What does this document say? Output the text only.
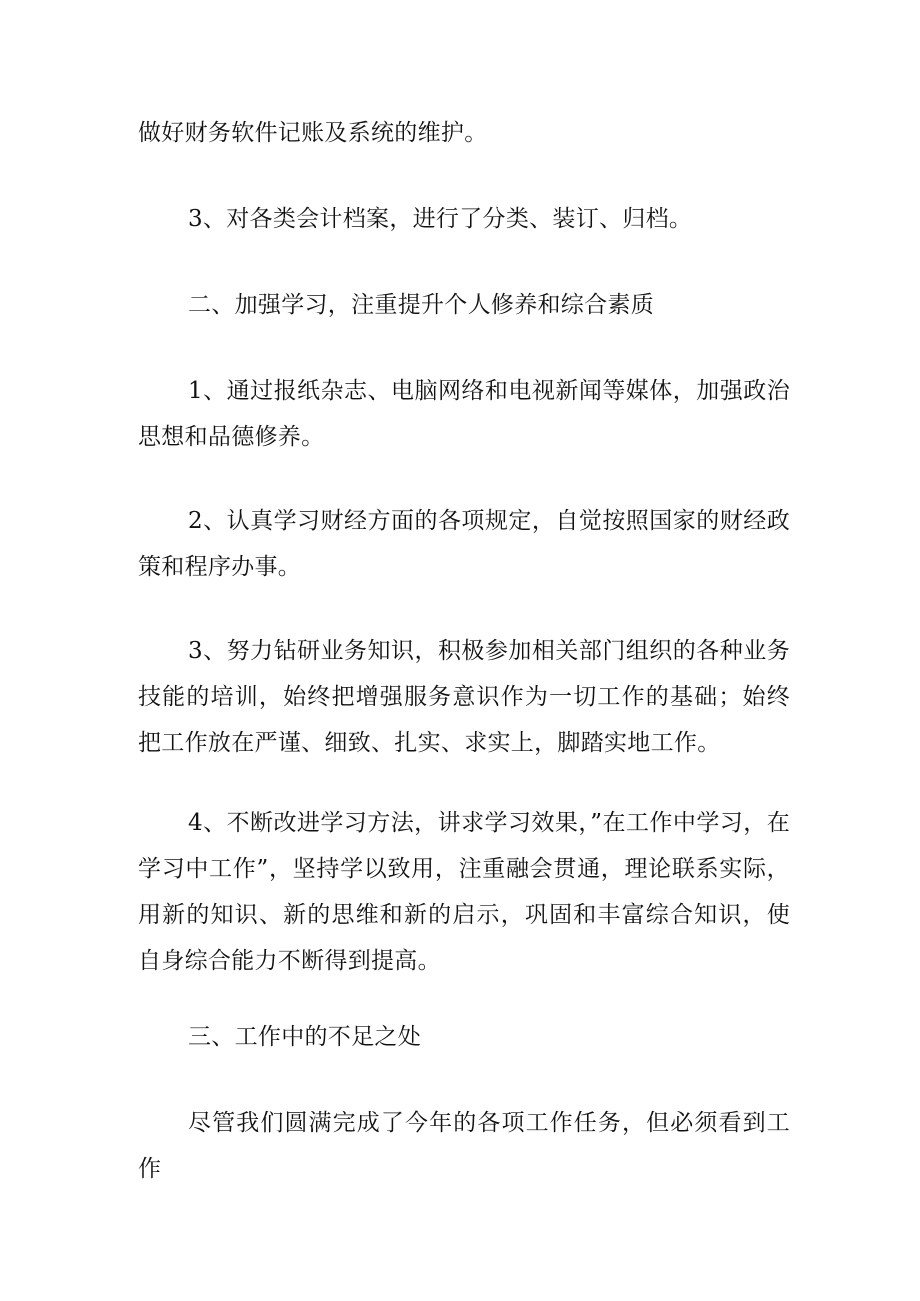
做好财务软件记账及系统的维护。

3、对各类会计档案，进行了分类、装订、归档。

二、加强学习，注重提升个人修养和综合素质

1、通过报纸杂志、电脑网络和电视新闻等媒体，加强政治思想和品德修养。

2、认真学习财经方面的各项规定，自觉按照国家的财经政策和程序办事。

3、努力钻研业务知识，积极参加相关部门组织的各种业务技能的培训，始终把增强服务意识作为一切工作的基础；始终把工作放在严谨、细致、扎实、求实上，脚踏实地工作。

4、不断改进学习方法，讲求学习效果，”在工作中学习，在学习中工作”，坚持学以致用，注重融会贯通，理论联系实际，用新的知识、新的思维和新的启示，巩固和丰富综合知识，使自身综合能力不断得到提高。

三、工作中的不足之处

尽管我们圆满完成了今年的各项工作任务，但必须看到工作
